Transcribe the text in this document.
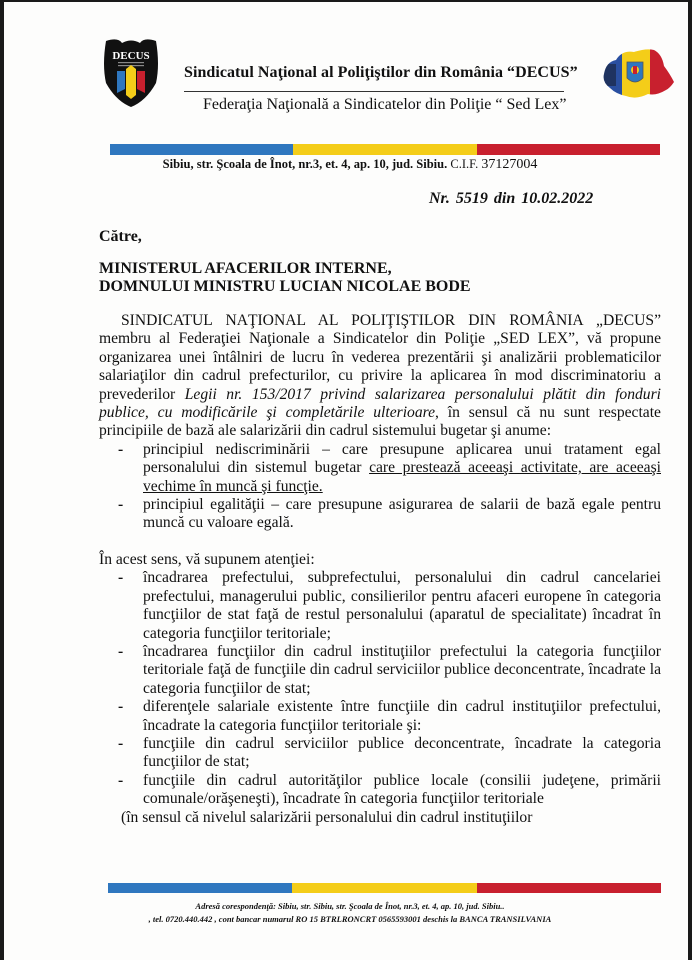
DECUS
Sindicatul Naţional al Poliţiştilor din România “DECUS”
Federaţia Naţională a Sindicatelor din Poliţie “ Sed Lex”
Sibiu, str. Şcoala de Înot, nr.3, et. 4, ap. 10, jud. Sibiu. C.I.F. 37127004
Nr. 5519 din 10.02.2022
Către,
MINISTERUL AFACERILOR INTERNE,
DOMNULUI MINISTRU LUCIAN NICOLAE BODE

SINDICATUL NAŢIONAL AL POLIŢIŞTILOR DIN ROMÂNIA „DECUS” membru al Federaţiei Naţionale a Sindicatelor din Poliţie „SED LEX”, vă propune organizarea unei întâlniri de lucru în vederea prezentării şi analizării problematicilor salariaţilor din cadrul prefecturilor, cu privire la aplicarea în mod discriminatoriu a prevederilor Legii nr. 153/2017 privind salarizarea personalului plătit din fonduri publice, cu modificările şi completările ulterioare, în sensul că nu sunt respectate principiile de bază ale salarizării din cadrul sistemului bugetar şi anume:

- principiul nediscriminării – care presupune aplicarea unui tratament egal personalului din sistemul bugetar care prestează aceeaşi activitate, are aceeaşi vechime în muncă şi funcţie.
- principiul egalităţii – care presupune asigurarea de salarii de bază egale pentru muncă cu valoare egală.

În acest sens, vă supunem atenţiei:

- încadrarea prefectului, subprefectului, personalului din cadrul cancelariei prefectului, managerului public, consilierilor pentru afaceri europene în categoria funcţiilor de stat faţă de restul personalului (aparatul de specialitate) încadrat în categoria funcţiilor teritoriale;
- încadrarea funcţiilor din cadrul instituţiilor prefectului la categoria funcţiilor teritoriale faţă de funcţiile din cadrul serviciilor publice deconcentrate, încadrate la categoria funcţiilor de stat;
- diferenţele salariale existente între funcţiile din cadrul instituţiilor prefectului, încadrate la categoria funcţiilor teritoriale şi:
- funcţiile din cadrul serviciilor publice deconcentrate, încadrate la categoria funcţiilor de stat;
- funcţiile din cadrul autorităţilor publice locale (consilii judeţene, primării comunale/orăşeneşti), încadrate în categoria funcţiilor teritoriale

(în sensul că nivelul salarizării personalului din cadrul instituţiilor

Adresă corespondenţă: Sibiu, str. Sibiu, str. Şcoala de Înot, nr.3, et. 4, ap. 10, jud. Sibiu..
, tel. 0720.440.442 , cont bancar numarul RO 15 BTRLRONCRT 0565593001 deschis la BANCA TRANSILVANIA
